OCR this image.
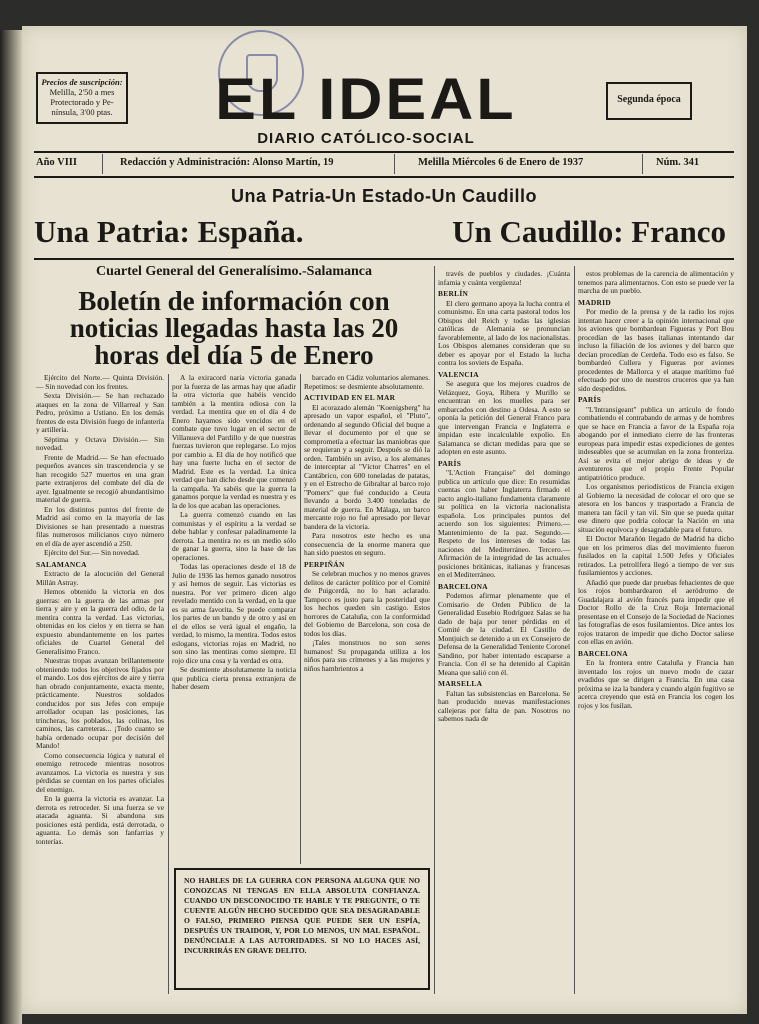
Precios de suscripción:
Melilla, 2'50 a mes
Protectorado y Pe-
nínsula, 3'00 ptas.	EL IDEAL
DIARIO CATÓLICO-SOCIAL
Segunda época
Año VIII	Redacción y Administración: Alonso Martín, 19	Melilla Miércoles 6 de Enero de 1937	Núm. 341
Una Patria-Un Estado-Un Caudillo
Una Patria: España.	Un Caudillo: Franco
Cuartel General del Generalísimo.-Salamanca
Boletín de información con noticias llegadas hasta las 20 horas del día 5 de Enero

Ejército del Norte.— Quinta División.— Sin novedad con los frentes.

Sexta División.— Se han rechazado ataques en la zona de Villarreal y San Pedro, próximo a Ustiano. En los demás frentes de esta División fuego de infantería y artillería.

Séptima y Octava División.— Sin novedad.

Frente de Madrid.— Se han efectuado pequeños avances sin trascendencia y se han recogido 527 muertos en una gran parte extranjeros del combate del día de ayer. Igualmente se recogió abundantísimo material de guerra.

En los distintos puntos del frente de Madrid así como en la mayoría de las Divisiones se han presentado a nuestras filas numerosos milicianos cuyo número en el día de ayer ascendió a 250.

Ejército del Sur.— Sin novedad.

SALAMANCA

Extracto de la alocución del General Millán Astray.

Hemos obtenido la victoria en dos guerras: en la guerra de las armas por tierra y aire y en la guerra del odio, de la mentira contra la verdad. Las victorias, obtenidas en los cielos y en tierra se han expuesto abundantemente en los partes oficiales de Cuartel General del Generalísimo Franco.

Nuestras tropas avanzan brillantemente obteniendo todos los objetivos fijados por el mando. Los dos ejércitos de aire y tierra han obrado conjuntamente, exacta mente, prácticamente. Nuestros soldados conducidos por sus Jefes con empuje arrollador ocupan las posiciones, las trincheras, los poblados, las colinas, los caminos, las carreteras... ¡Todo cuanto se había ordenado ocupar por decisión del Mando!

Como consecuencia lógica y natural el enemigo retrocede mientras nosotros avanzamos. La victoria es nuestra y sus pérdidas se cuentan en los partes oficiales del enemigo.

En la guerra la victoria es avanzar. La derrota es retroceder. Si una fuerza se ve atacada aguanta. Si abandona sus posiciones está perdida, está derrotada, o aguanta. Lo demás son fanfarrias y tonterías.

A la exiracord naria victoria ganada por la fuerza de las armas hay que añadir la otra victoria que habéis vencido también a la mentira odiosa con la verdad. La mentira que en el día 4 de Enero hayamos sido vencidos en el combate que tuvo lugar en el sector de Villanueva del Pardillo y de que nuestras fuerzas tuvieron que replegarse. Lo rojos por cambio a. El día de hoy notificó que hay una fuerte lucha en el sector de Madrid. Este es la verdad. La única verdad que han dicho desde que comenzó la campaña. Ya sabéis que la guerra la ganamos porque la verdad es nuestra y es la de los que acaban las operaciones.

La guerra comenzó cuando en las comunistas y el espíritu a la verdad se debe hablar y confesar paladinamente la derrota. La mentira no es un medio sólo de ganar la guerra, sino la base de las operaciones.

Todas las operaciones desde el 18 de Julio de 1936 las hemos ganado nosotros y así hemos de seguir. Las victorias es nuestra. Por ver primero dicen algo revelado mentido con la verdad, en la que es su arma favorita. Se puede comparar los partes de un bando y de otro y así en el de ellos se verá igual el engaño, la verdad, lo mismo, la mentira. Todos estos eslogans, victorias rojas en Madrid, no son sino las mentiras como siempre. El rojo dice una cosa y la verdad es otra.

Se desmiente absolutamente la noticia que publica cierta prensa extranjera de haber desem

barcado en Cádiz voluntarios alemanes. Repetimos: se desmiente absolutamente.

ACTIVIDAD EN EL MAR

El acorazado alemán "Koenigsberg" ha apresado un vapor español, el "Pluto", ordenando al segundo Oficial del buque a llevar el documento por el que se comprometía a efectuar las maniobras que se requieran y a seguir. Después se dió la orden. También un aviso, a los alemanes de interceptar al "Víctor Charres" en el Cantábrico, con 600 toneladas de patatas, y en el Estrecho de Gibraltar al barco rojo "Pomerx" que fué conducido a Ceuta llevando a bordo 3.400 toneladas de material de guerra. En Málaga, un barco mercante rojo no fué apresado por llevar bandera de la victoria.

Para nosotros este hecho es una consecuencia de la enorme manera que han sido puestos en seguro.

PERPIÑÁN

Se celebran muchos y no menos graves delitos de carácter político por el Comité de Puigcerdà, no lo han aclarado. Tampoco es justo para la posteridad que los hechos queden sin castigo. Estos horrores de Cataluña, con la conformidad del Gobierno de Barcelona, son cosa de todos los días.

¡Tales monstruos no son seres humanos! Su propaganda utiliza a los niños para sus crímenes y a las mujeres y niños hambrientos a

través de pueblos y ciudades. ¡Cuánta infamia y cuánta vergüenza!

BERLÍN

El clero germano apoya la lucha contra el comunismo. En una carta pastoral todos los Obispos del Reich y todas las iglesias católicas de Alemania se pronuncian favorablemente, al lado de los nacionalistas. Los Obispos alemanes consideran que su deber es apoyar por el Estado la lucha contra los soviets de España.

VALENCIA

Se asegura que los mejores cuadros de Velázquez, Goya, Ribera y Murillo se encuentran en los muelles para ser embarcados con destino a Odesa. A esto se oponía la petición del General Franco para que intervengan Francia e Inglaterra e impidan este incalculable expolio. En Salamanca se dictan medidas para que se adopten en este asunto.

PARÍS

"L'Action Française" del domingo publica un artículo que dice: En resumidas cuentas con haber Inglaterra firmado el pacto anglo-italiano fundamenta claramente su política en la victoria nacionalista española. Los principales puntos del acuerdo son los siguientes: Primero.— Mantenimiento de la paz. Segundo.— Respeto de los intereses de todas las naciones del Mediterráneo. Tercero.— Afirmación de la integridad de las actuales posiciones británicas, italianas y francesas en el Mediterráneo.

BARCELONA

Podemos afirmar plenamente que el Comisario de Orden Público de la Generalidad Eusebio Rodríguez Salas se ha dado de baja por tener pérdidas en el Comité de la ciudad. El Castillo de Montjuich se detenido a un ex Consejero de Defensa de la Generalidad Teniente Coronel Sandino, por haber intentado escaparse a Francia. Con él se ha detenido al Capitán Meana que salió con él.

MARSELLA

Faltan las subsistencias en Barcelona. Se han producido nuevas manifestaciones callejeras por falta de pan. Nosotros no sabemos nada de

estos problemas de la carencia de alimentación y tenemos para alimentarnos. Con esto se puede ver la marcha de un pueblo.

MADRID

Por medio de la prensa y de la radio los rojos intentan hacer creer a la opinión internacional que los aviones que bombardean Figueras y Port Bou procedían de las bases italianas intentando dar incluso la filiación de los aviones y del barco que decían procedían de Cerdeña. Todo eso es falso. Se bombardeó Cullera y Figueras por aviones procedentes de Mallorca y el ataque marítimo fué efectuado por uno de nuestros cruceros que ya han sido despedidos.

PARÍS

"L'Intransigeant" publica un artículo de fondo combatiendo el contrabando de armas y de hombres que se hace en Francia a favor de la España roja abogando por el inmediato cierre de las fronteras europeas para impedir estas expediciones de gentes indeseables que se acumulan en la zona fronteriza. Así se evita el mejor abrigo de ideas y de aventureros que el propio Frente Popular antipatriótico produce.

Los organismos periodísticos de Francia exigen al Gobierno la necesidad de colocar el oro que se atesora en los bancos y trasportado a Francia de manera tan fácil y tan vil. Sin que se pueda quitar ese dinero que podría colocar la Nación en una situación equívoca y desagradable para el futuro.

El Doctor Marañón llegado de Madrid ha dicho que en los primeros días del movimiento fueron fusilados en la capital 1.500 Jefes y Oficiales retirados. La petrolífera llegó a tiempo de ver sus fusilamientos y acciones.

Añadió que puede dar pruebas fehacientes de que los rojos bombardearon el aeródromo de Guadalajara al avión francés para impedir que el Doctor Rollo de la Cruz Roja Internacional presentase en el Consejo de la Sociedad de Naciones las fotografías de esos fusilamientos. Dice antes los rojos trataron de impedir que dicho Doctor saliese con ellas en avión.

BARCELONA

En la frontera entre Cataluña y Francia han inventado los rojos un nuevo modo de cazar evadidos que se dirigen a Francia. En una casa próxima se iza la bandera y cuando algún fugitivo se acerca creyendo que está en Francia los cogen los rojos y los fusilan.

NO HABLES DE LA GUERRA CON PERSONA ALGUNA QUE NO CONOZCAS NI TENGAS EN ELLA ABSOLUTA CONFIANZA. CUANDO UN DESCONOCIDO TE HABLE Y TE PREGUNTE, O TE CUENTE ALGÚN HECHO SUCEDIDO QUE SEA DESAGRADABLE O FALSO, PRIMERO PIENSA QUE PUEDE SER UN ESPÍA, DESPUÉS UN TRAIDOR, Y, POR LO MENOS, UN MAL ESPAÑOL. DENÚNCIALE A LAS AUTORIDADES. SI NO LO HACES ASÍ, INCURRIRÁS EN GRAVE DELITO.
